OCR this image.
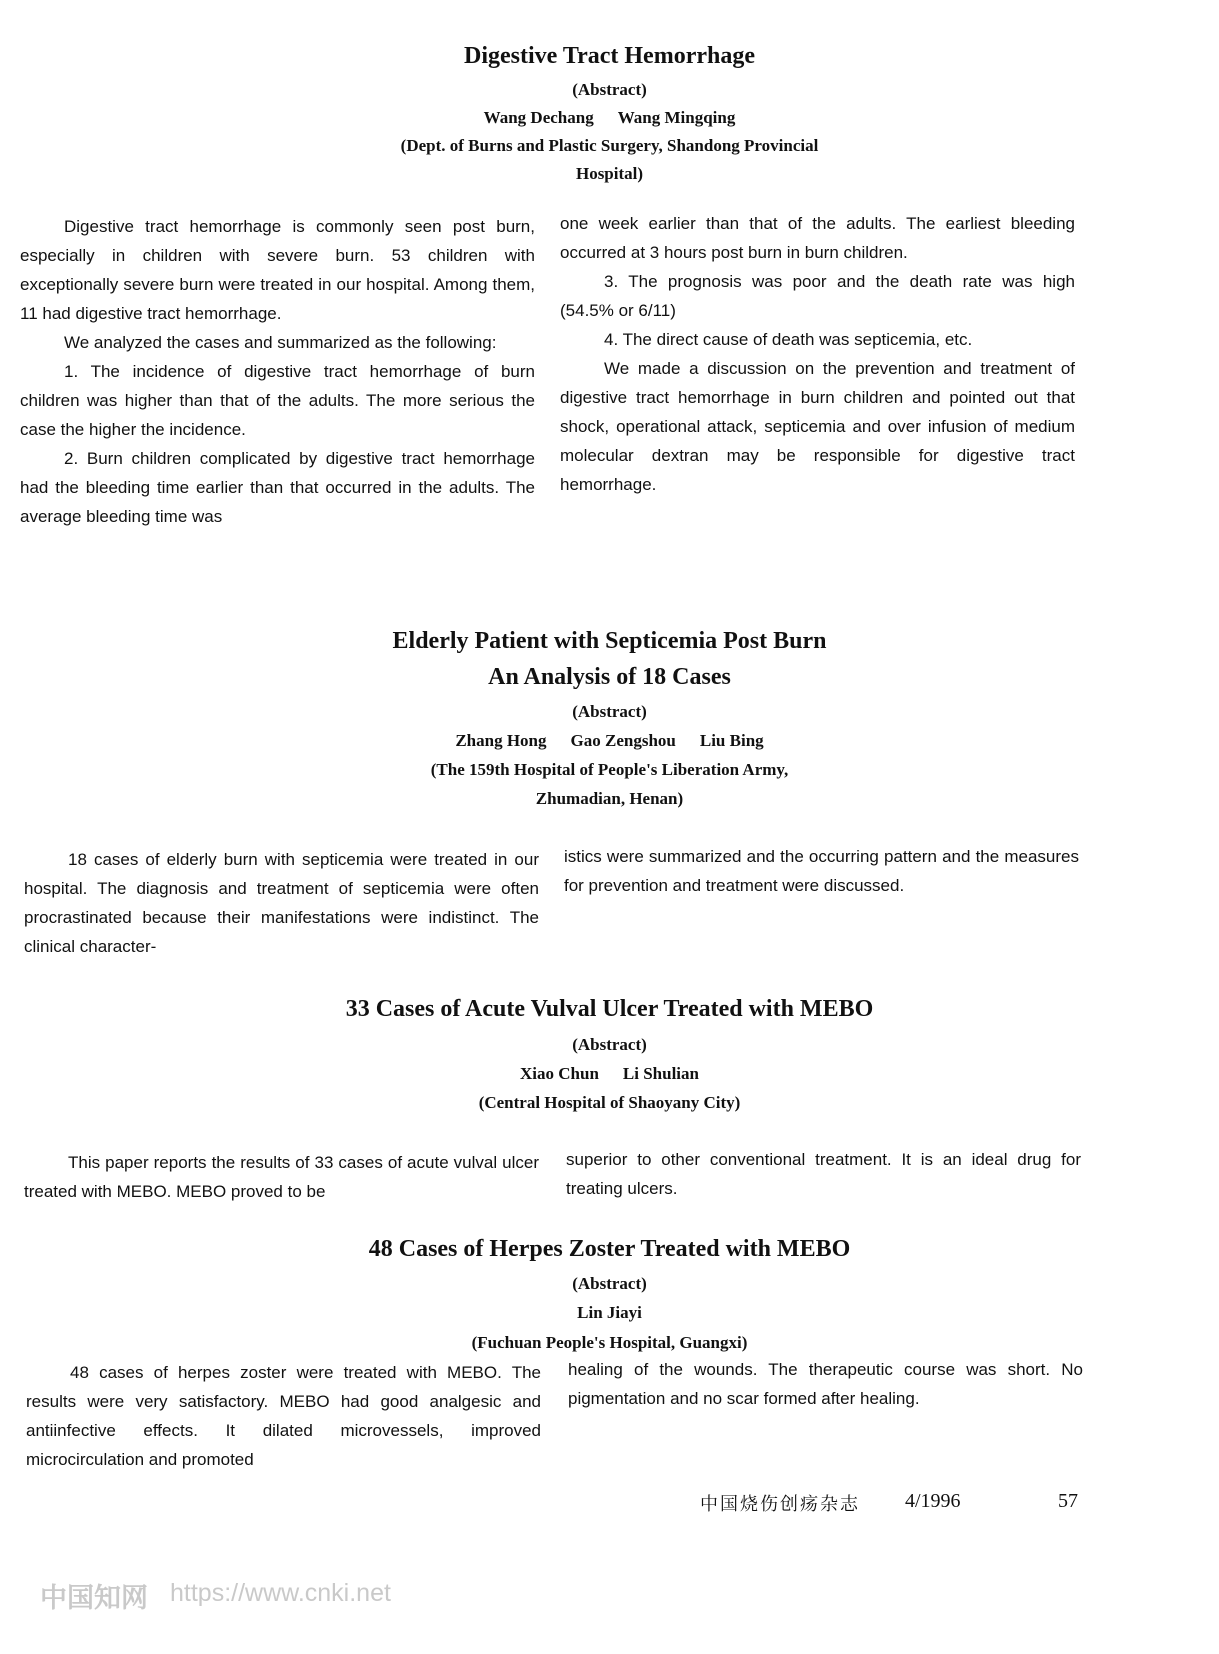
Digestive Tract Hemorrhage
(Abstract)
Wang Dechang Wang Mingqing
(Dept. of Burns and Plastic Surgery, Shandong Provincial
Hospital)

Digestive tract hemorrhage is commonly seen post burn, especially in children with severe burn. 53 children with exceptionally severe burn were treated in our hospital. Among them, 11 had digestive tract hemorrhage.

We analyzed the cases and summarized as the following:

1. The incidence of digestive tract hemorrhage of burn children was higher than that of the adults. The more serious the case the higher the incidence.

2. Burn children complicated by digestive tract hemorrhage had the bleeding time earlier than that occurred in the adults. The average bleeding time was

one week earlier than that of the adults. The earliest bleeding occurred at 3 hours post burn in burn children.

3. The prognosis was poor and the death rate was high (54.5% or 6/11)

4. The direct cause of death was septicemia, etc.

We made a discussion on the prevention and treatment of digestive tract hemorrhage in burn children and pointed out that shock, operational attack, septicemia and over infusion of medium molecular dextran may be responsible for digestive tract hemorrhage.

Elderly Patient with Septicemia Post Burn
An Analysis of 18 Cases
(Abstract)
Zhang Hong Gao Zengshou Liu Bing
(The 159th Hospital of People's Liberation Army,
Zhumadian, Henan)

18 cases of elderly burn with septicemia were treated in our hospital. The diagnosis and treatment of septicemia were often procrastinated because their manifestations were indistinct. The clinical character-

istics were summarized and the occurring pattern and the measures for prevention and treatment were discussed.

33 Cases of Acute Vulval Ulcer Treated with MEBO
(Abstract)
Xiao Chun Li Shulian
(Central Hospital of Shaoyany City)

This paper reports the results of 33 cases of acute vulval ulcer treated with MEBO. MEBO proved to be

superior to other conventional treatment. It is an ideal drug for treating ulcers.

48 Cases of Herpes Zoster Treated with MEBO
(Abstract)
Lin Jiayi
(Fuchuan People's Hospital, Guangxi)

48 cases of herpes zoster were treated with MEBO. The results were very satisfactory. MEBO had good analgesic and antiinfective effects. It dilated microvessels, improved microcirculation and promoted

healing of the wounds. The therapeutic course was short. No pigmentation and no scar formed after healing.

中国烧伤创疡杂志 4/1996	57
中国知网 https://www.cnki.net
